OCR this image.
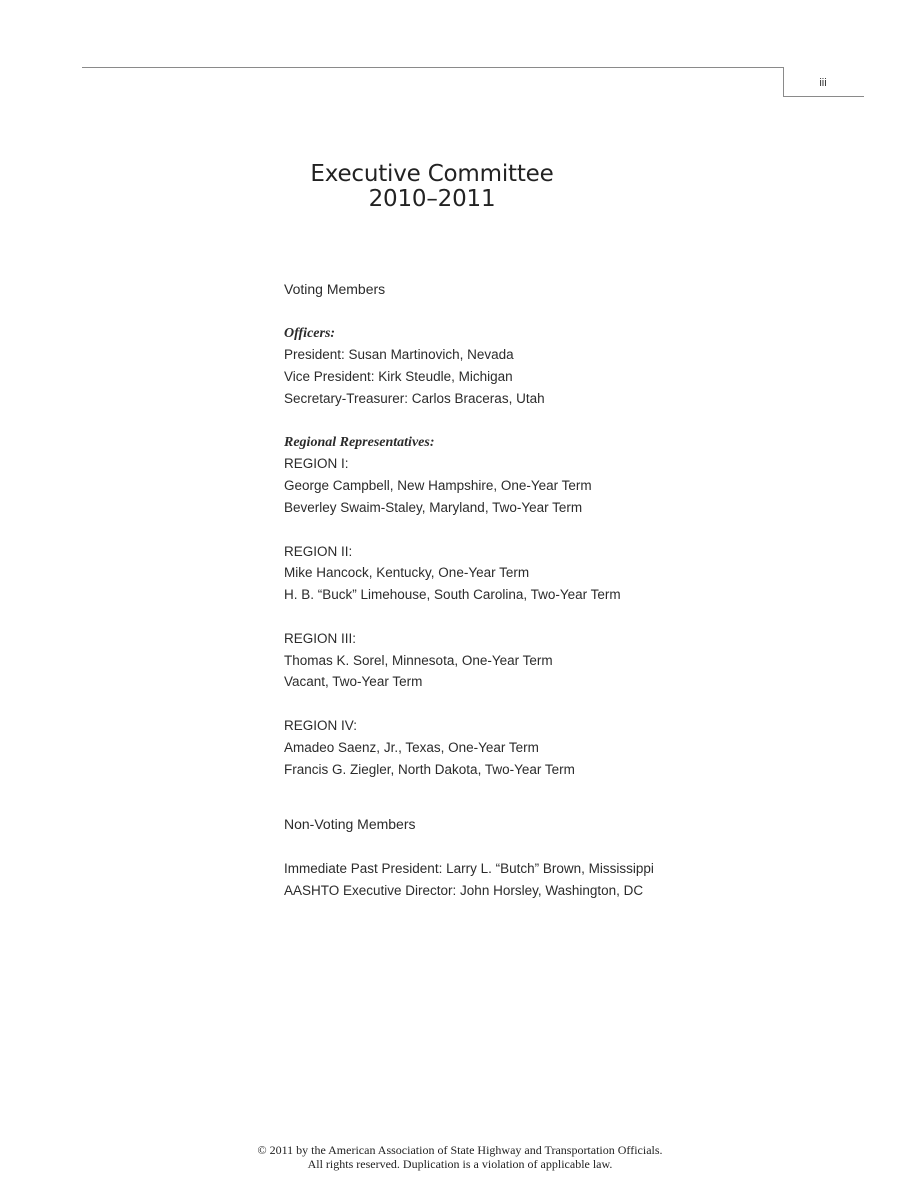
iii
Executive Committee
2010–2011
Voting Members
Officers:
President: Susan Martinovich, Nevada
Vice President: Kirk Steudle, Michigan
Secretary-Treasurer: Carlos Braceras, Utah
Regional Representatives:
REGION I:
George Campbell, New Hampshire, One-Year Term
Beverley Swaim-Staley, Maryland, Two-Year Term
REGION II:
Mike Hancock, Kentucky, One-Year Term
H. B. “Buck” Limehouse, South Carolina, Two-Year Term
REGION III:
Thomas K. Sorel, Minnesota, One-Year Term
Vacant, Two-Year Term
REGION IV:
Amadeo Saenz, Jr., Texas, One-Year Term
Francis G. Ziegler, North Dakota, Two-Year Term
Non-Voting Members
Immediate Past President: Larry L. “Butch” Brown, Mississippi
AASHTO Executive Director: John Horsley, Washington, DC
© 2011 by the American Association of State Highway and Transportation Officials.
All rights reserved. Duplication is a violation of applicable law.
